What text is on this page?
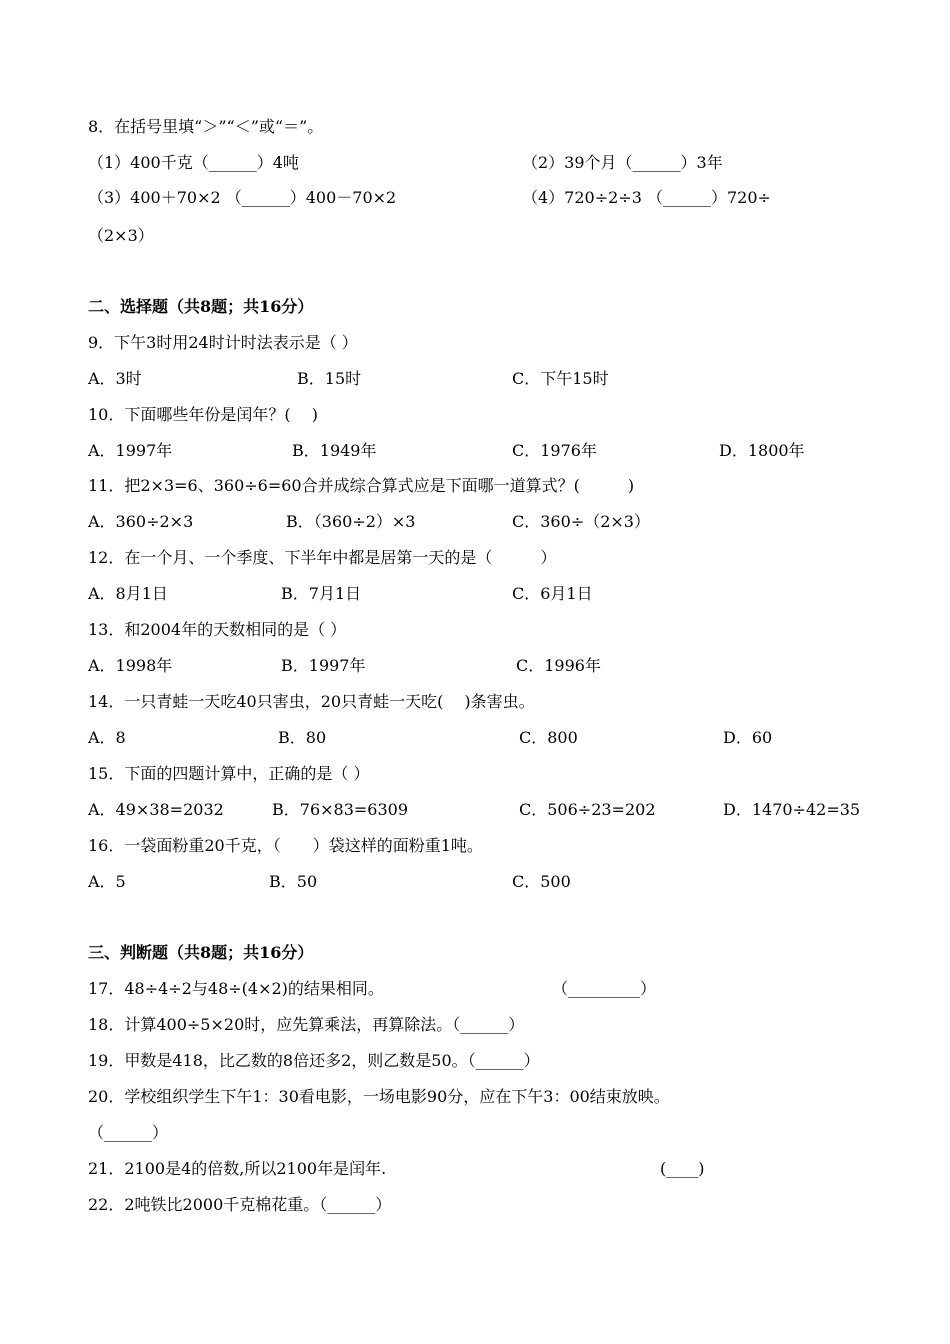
8．在括号里填“＞”“＜”或“＝”。
（1）400千克（______）4吨	（2）39个月（______）3年
（3）400＋70×2 （______）400－70×2	（4）720÷2÷3 （______）720÷
（2×3）
二、选择题（共8题；共16分）
9．下午3时用24时计时法表示是（ ）
A．3时	B．15时	C．下午15时
10．下面哪些年份是闰年？(　 )
A．1997年	B．1949年	C．1976年	D．1800年
11．把2×3=6、360÷6=60合并成综合算式应是下面哪一道算式？(　　　)
A．360÷2×3	B．（360÷2）×3	C．360÷（2×3）
12．在一个月、一个季度、下半年中都是居第一天的是（　　　）
A．8月1日	B．7月1日	C．6月1日
13．和2004年的天数相同的是（ ）
A．1998年	B．1997年	C．1996年
14．一只青蛙一天吃40只害虫，20只青蛙一天吃(　 )条害虫。
A．8	B．80	C．800	D．60
15．下面的四题计算中，正确的是（ ）
A．49×38=2032	B．76×83=6309	C．506÷23=202	D．1470÷42=35
16．一袋面粉重20千克，（　　）袋这样的面粉重1吨。
A．5	B．50	C．500
三、判断题（共8题；共16分）
17．48÷4÷2与48÷(4×2)的结果相同。	（_________）
18．计算400÷5×20时，应先算乘法，再算除法。（______）
19．甲数是418，比乙数的8倍还多2，则乙数是50。（______）
20．学校组织学生下午1：30看电影，一场电影90分，应在下午3：00结束放映。
（______）
21．2100是4的倍数,所以2100年是闰年.	(____)
22．2吨铁比2000千克棉花重。（______）
